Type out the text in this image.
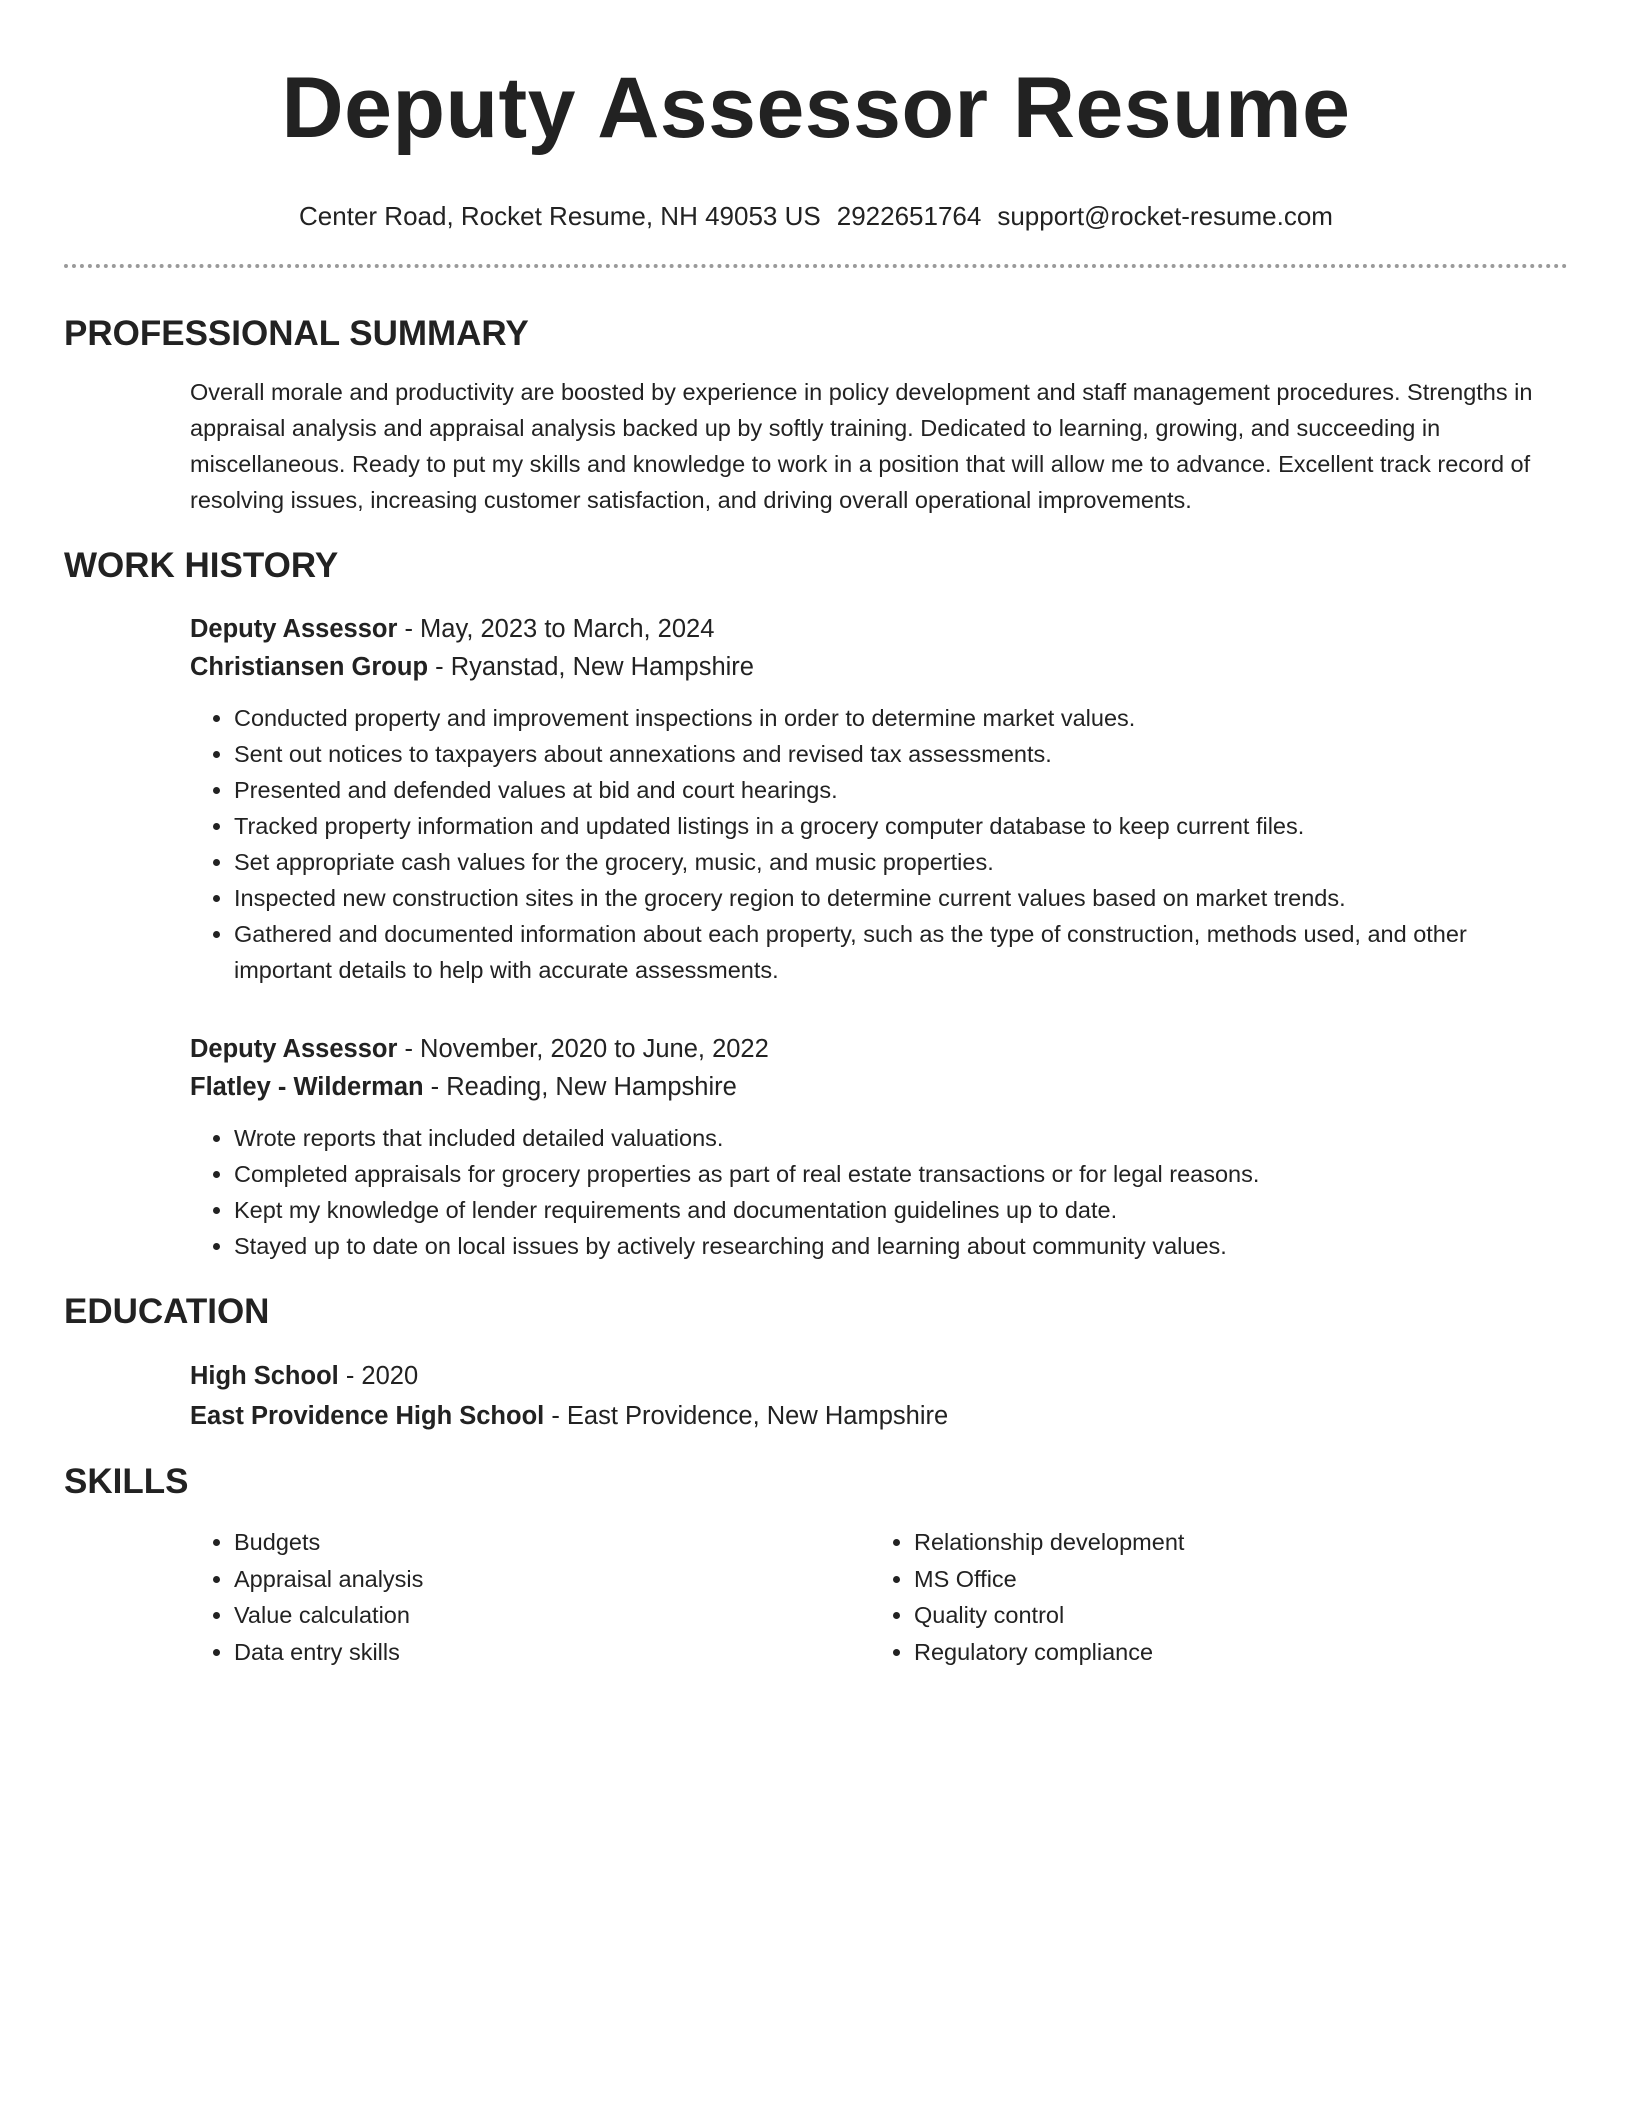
Deputy Assessor Resume
Center Road, Rocket Resume, NH 49053 US 2922651764 support@rocket-resume.com
PROFESSIONAL SUMMARY

Overall morale and productivity are boosted by experience in policy development and staff management procedures. Strengths in appraisal analysis and appraisal analysis backed up by softly training. Dedicated to learning, growing, and succeeding in miscellaneous. Ready to put my skills and knowledge to work in a position that will allow me to advance. Excellent track record of resolving issues, increasing customer satisfaction, and driving overall operational improvements.

WORK HISTORY
Deputy Assessor - May, 2023 to March, 2024
Christiansen Group - Ryanstad, New Hampshire
• Conducted property and improvement inspections in order to determine market values.
• Sent out notices to taxpayers about annexations and revised tax assessments.
• Presented and defended values at bid and court hearings.
• Tracked property information and updated listings in a grocery computer database to keep current files.
• Set appropriate cash values for the grocery, music, and music properties.
• Inspected new construction sites in the grocery region to determine current values based on market trends.
• Gathered and documented information about each property, such as the type of construction, methods used, and other important details to help with accurate assessments.
Deputy Assessor - November, 2020 to June, 2022
Flatley - Wilderman - Reading, New Hampshire
• Wrote reports that included detailed valuations.
• Completed appraisals for grocery properties as part of real estate transactions or for legal reasons.
• Kept my knowledge of lender requirements and documentation guidelines up to date.
• Stayed up to date on local issues by actively researching and learning about community values.
EDUCATION
High School - 2020
East Providence High School - East Providence, New Hampshire
SKILLS
• Budgets
• Appraisal analysis
• Value calculation
• Data entry skills
• Relationship development
• MS Office
• Quality control
• Regulatory compliance
